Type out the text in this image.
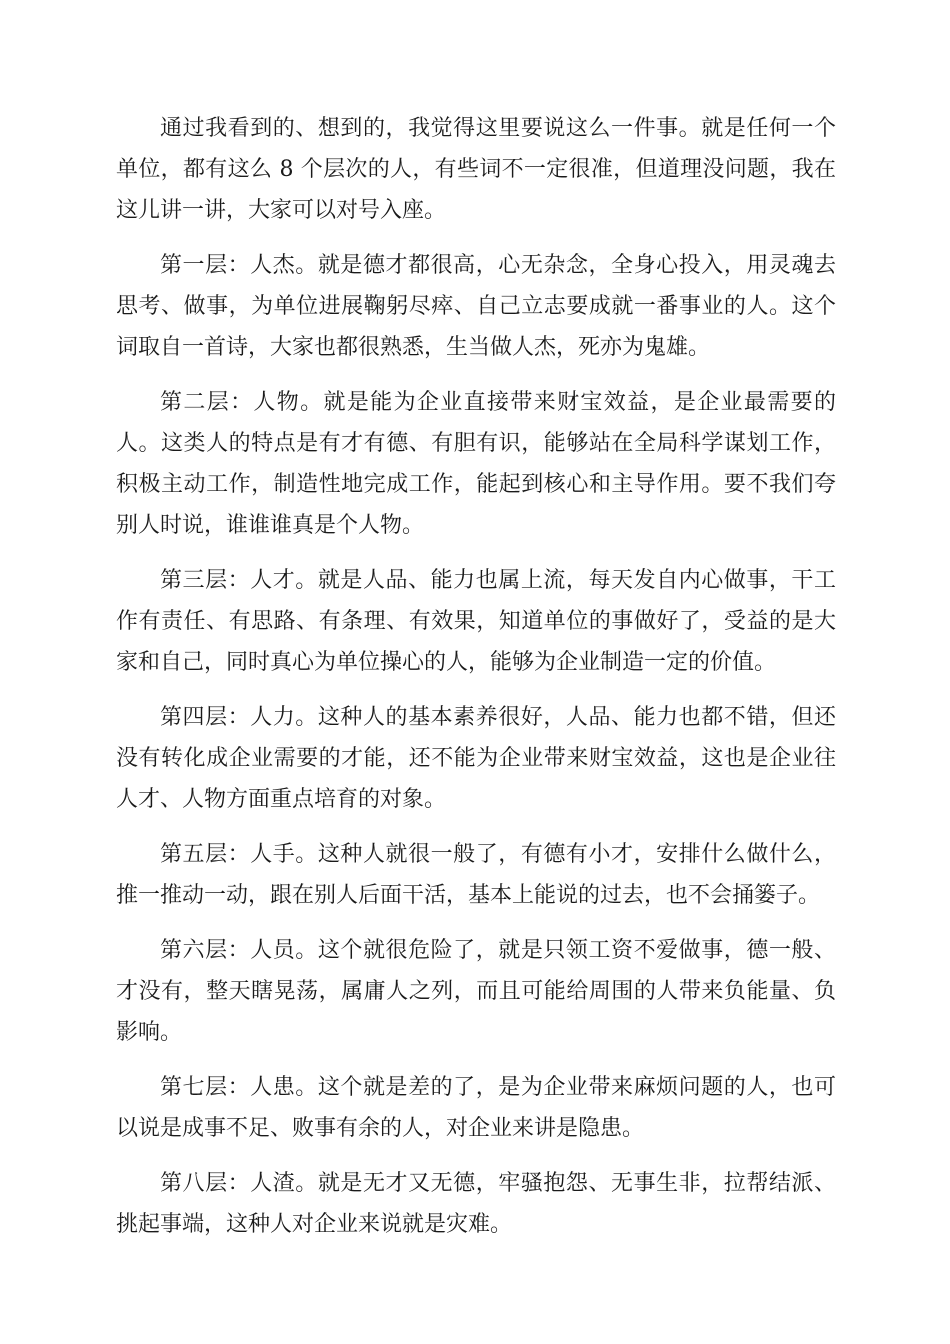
通过我看到的、想到的，我觉得这里要说这么一件事。就是任何一个单位，都有这么 8 个层次的人，有些词不一定很准，但道理没问题，我在这儿讲一讲，大家可以对号入座。

第一层：人杰。就是德才都很高，心无杂念，全身心投入，用灵魂去思考、做事，为单位进展鞠躬尽瘁、自己立志要成就一番事业的人。这个词取自一首诗，大家也都很熟悉，生当做人杰，死亦为鬼雄。

第二层：人物。就是能为企业直接带来财宝效益，是企业最需要的人。这类人的特点是有才有德、有胆有识，能够站在全局科学谋划工作，积极主动工作，制造性地完成工作，能起到核心和主导作用。要不我们夸别人时说，谁谁谁真是个人物。

第三层：人才。就是人品、能力也属上流，每天发自内心做事，干工作有责任、有思路、有条理、有效果，知道单位的事做好了，受益的是大家和自己，同时真心为单位操心的人，能够为企业制造一定的价值。

第四层：人力。这种人的基本素养很好，人品、能力也都不错，但还没有转化成企业需要的才能，还不能为企业带来财宝效益，这也是企业往人才、人物方面重点培育的对象。

第五层：人手。这种人就很一般了，有德有小才，安排什么做什么，推一推动一动，跟在别人后面干活，基本上能说的过去，也不会捅篓子。

第六层：人员。这个就很危险了，就是只领工资不爱做事，德一般、才没有，整天瞎晃荡，属庸人之列，而且可能给周围的人带来负能量、负影响。

第七层：人患。这个就是差的了，是为企业带来麻烦问题的人，也可以说是成事不足、败事有余的人，对企业来讲是隐患。

第八层：人渣。就是无才又无德，牢骚抱怨、无事生非，拉帮结派、挑起事端，这种人对企业来说就是灾难。
